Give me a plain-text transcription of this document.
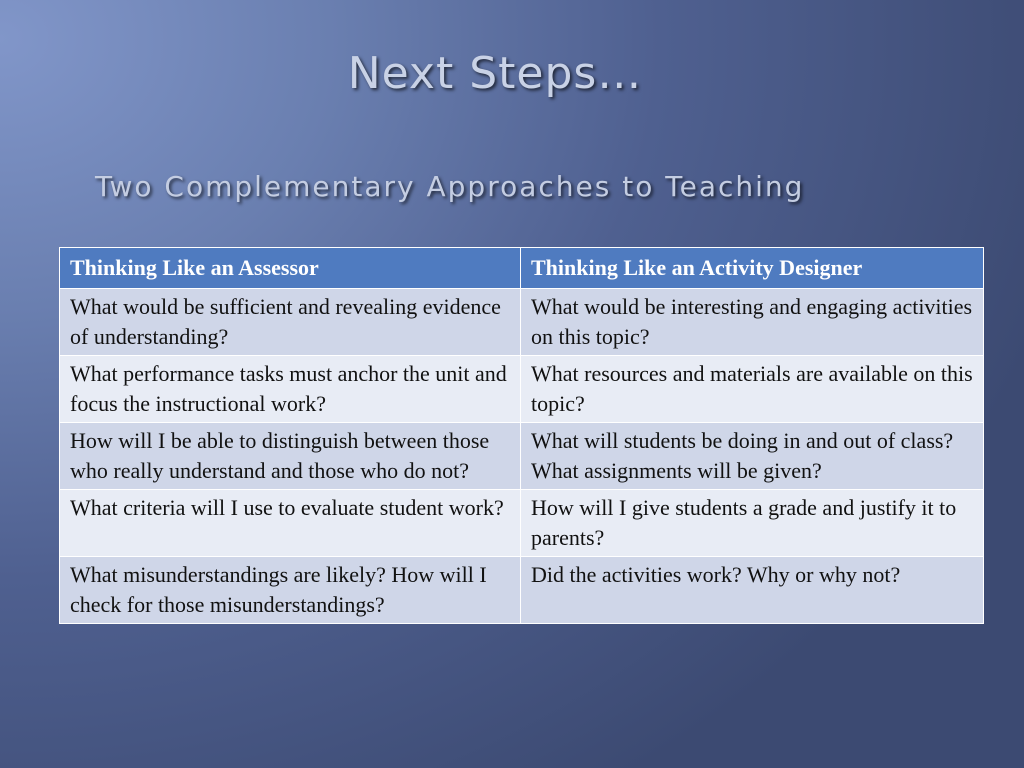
Next Steps…
Two Complementary Approaches to Teaching
Thinking Like an Assessor	Thinking Like an Activity Designer
What would be sufficient and revealing evidence of understanding?	What would be interesting and engaging activities on this topic?
What performance tasks must anchor the unit and focus the instructional work?	What resources and materials are available on this topic?
How will I be able to distinguish between those who really understand and those who do not?	What will students be doing in and out of class? What assignments will be given?
What criteria will I use to evaluate student work?	How will I give students a grade and justify it to parents?
What misunderstandings are likely? How will I check for those misunderstandings?	Did the activities work? Why or why not?
